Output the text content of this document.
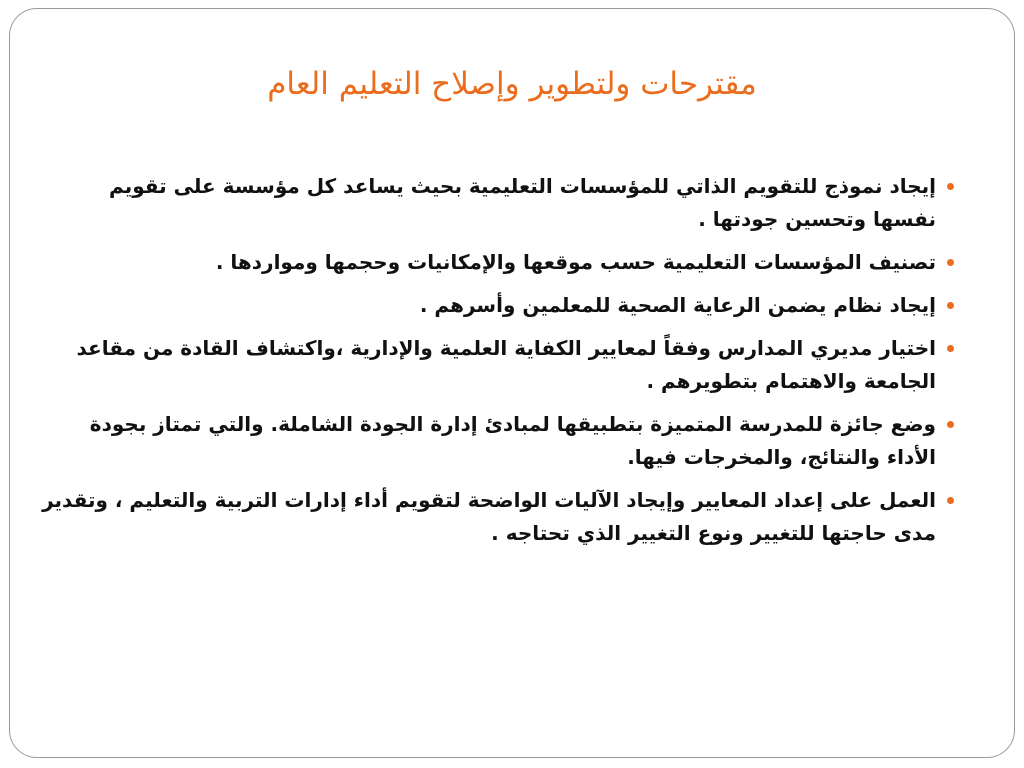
مقترحات ولتطوير وإصلاح التعليم العام
إيجاد نموذج للتقويم الذاتي للمؤسسات التعليمية بحيث يساعد كل مؤسسة على تقويم نفسها وتحسين جودتها .
تصنيف المؤسسات التعليمية حسب موقعها والإمكانيات وحجمها ومواردها .
إيجاد نظام يضمن الرعاية الصحية للمعلمين وأسرهم .
اختيار مديري المدارس وفقاً لمعايير الكفاية العلمية والإدارية ،واكتشاف القادة من مقاعد الجامعة والاهتمام بتطويرهم .
وضع جائزة للمدرسة المتميزة بتطبيقها لمبادئ إدارة الجودة الشاملة. والتي تمتاز بجودة الأداء والنتائج، والمخرجات فيها.
العمل على إعداد المعايير وإيجاد الآليات الواضحة لتقويم أداء إدارات التربية والتعليم ، وتقدير مدى حاجتها للتغيير ونوع التغيير الذي تحتاجه .
